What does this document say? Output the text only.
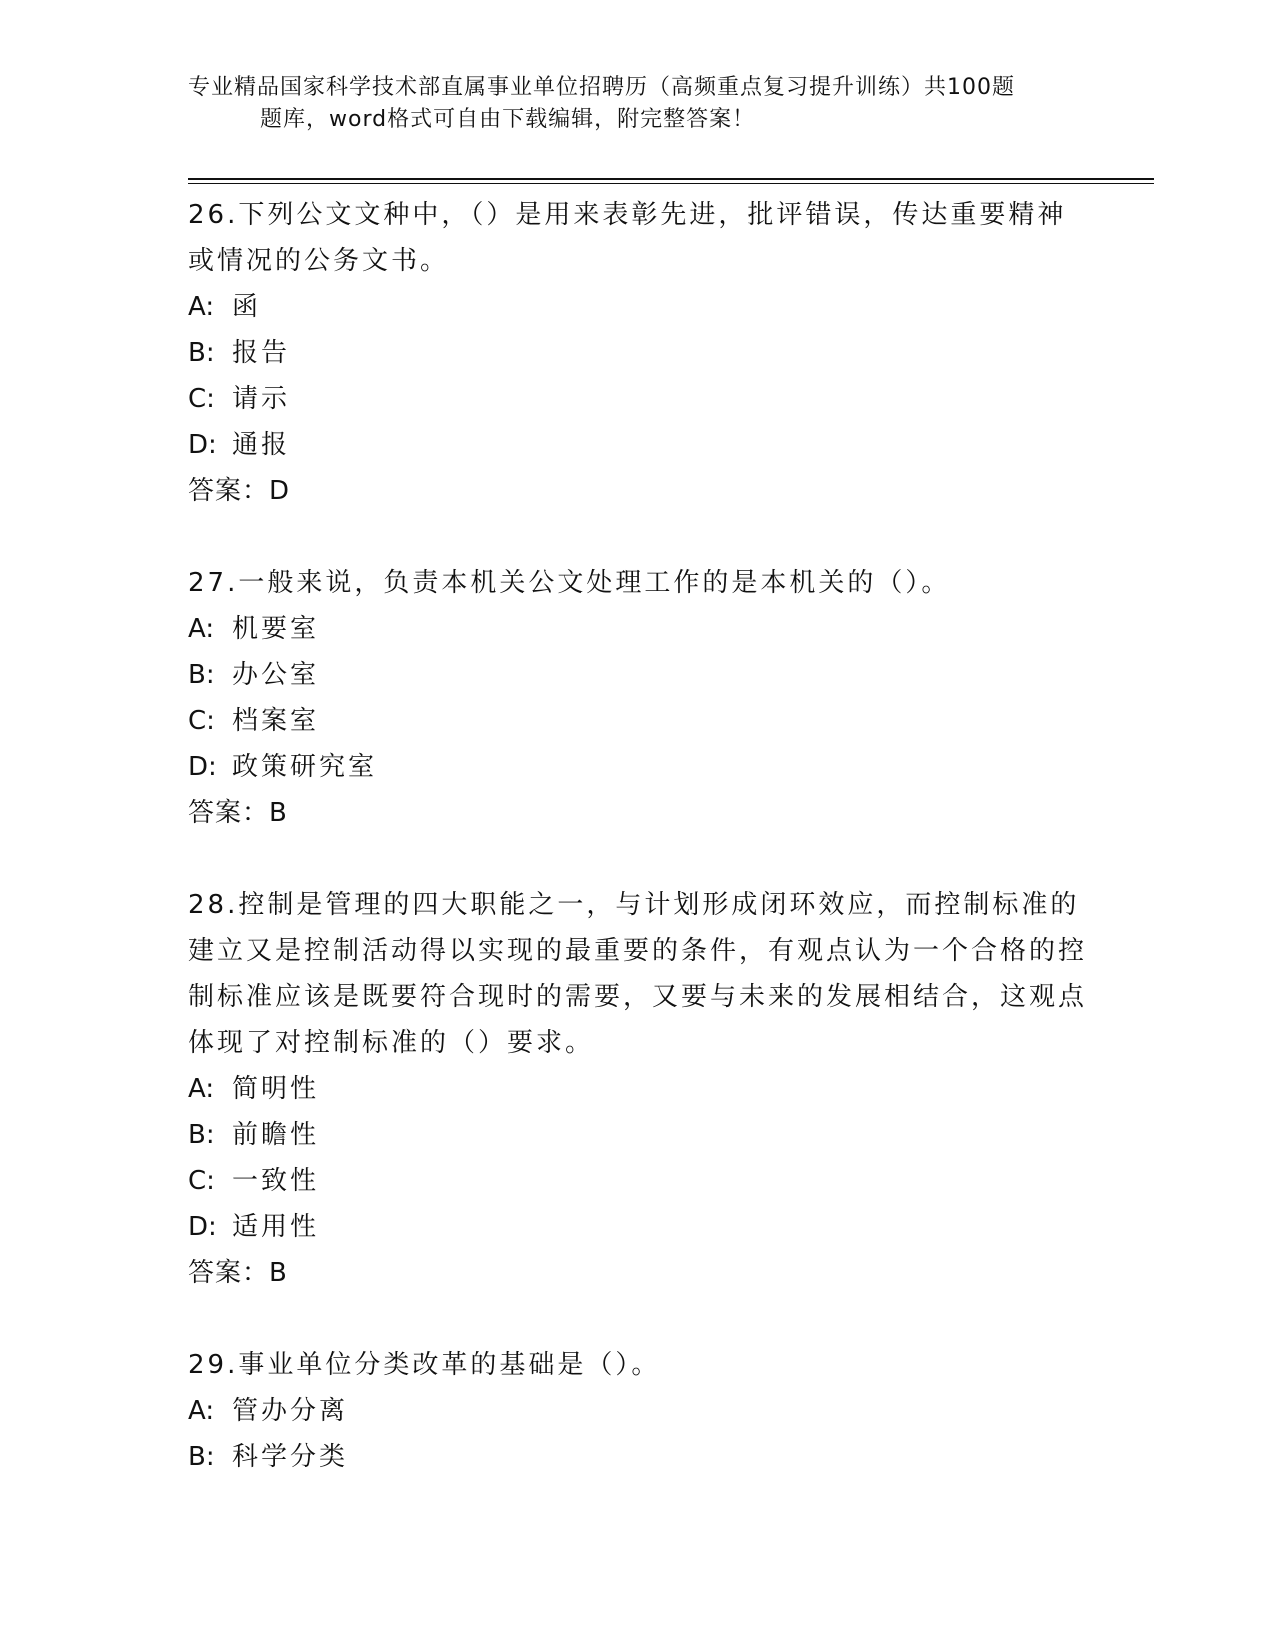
专业精品国家科学技术部直属事业单位招聘历（高频重点复习提升训练）共100题
题库，word格式可自由下载编辑，附完整答案！

26.下列公文文种中，（）是用来表彰先进，批评错误，传达重要精神或情况的公务文书。

A: 函

B: 报告

C: 请示

D: 通报

答案：D

27.一般来说，负责本机关公文处理工作的是本机关的（）。

A: 机要室

B: 办公室

C: 档案室

D: 政策研究室

答案：B

28.控制是管理的四大职能之一，与计划形成闭环效应，而控制标准的建立又是控制活动得以实现的最重要的条件，有观点认为一个合格的控制标准应该是既要符合现时的需要，又要与未来的发展相结合，这观点体现了对控制标准的（）要求。

A: 简明性

B: 前瞻性

C: 一致性

D: 适用性

答案：B

29.事业单位分类改革的基础是（）。

A: 管办分离

B: 科学分类
